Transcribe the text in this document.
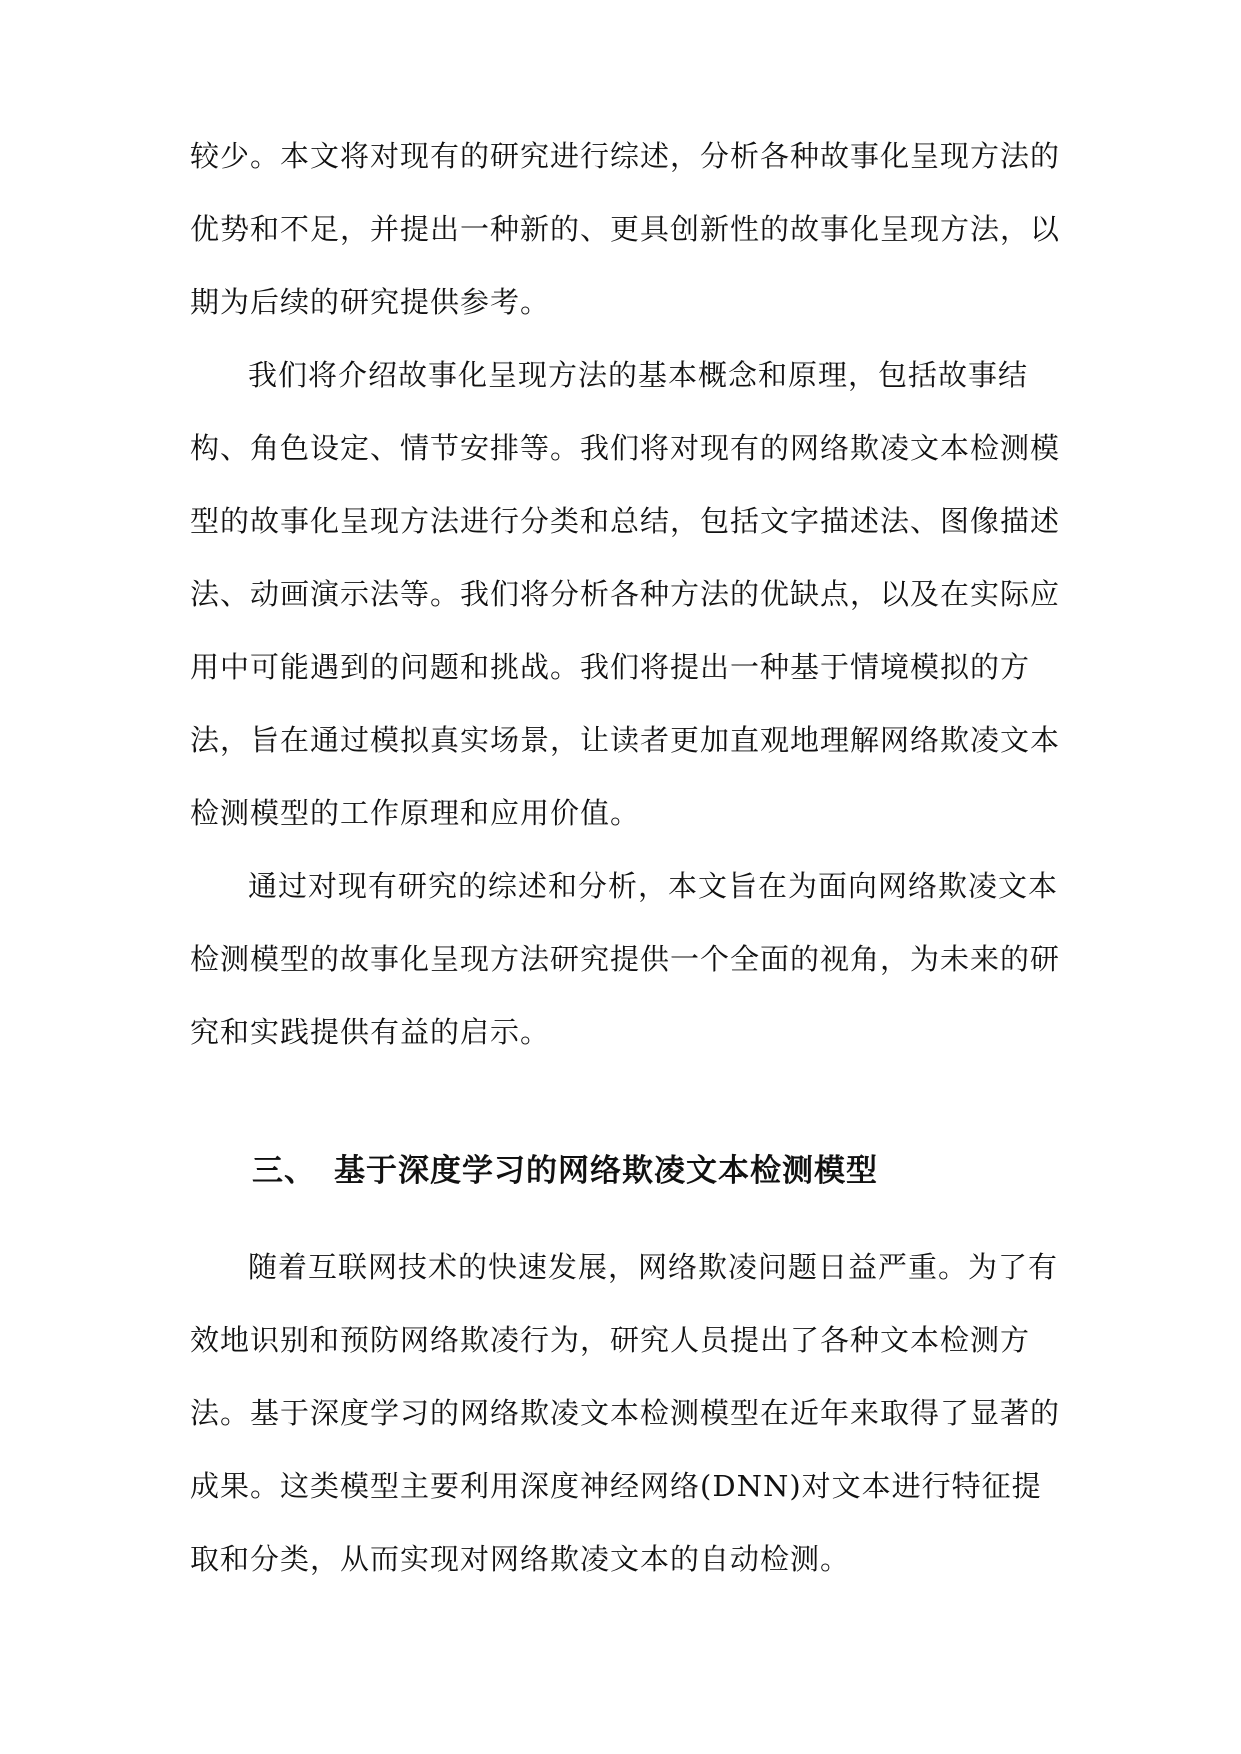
较少。本文将对现有的研究进行综述，分析各种故事化呈现方法的优势和不足，并提出一种新的、更具创新性的故事化呈现方法，以期为后续的研究提供参考。

我们将介绍故事化呈现方法的基本概念和原理，包括故事结构、角色设定、情节安排等。我们将对现有的网络欺凌文本检测模型的故事化呈现方法进行分类和总结，包括文字描述法、图像描述法、动画演示法等。我们将分析各种方法的优缺点，以及在实际应用中可能遇到的问题和挑战。我们将提出一种基于情境模拟的方法，旨在通过模拟真实场景，让读者更加直观地理解网络欺凌文本检测模型的工作原理和应用价值。

通过对现有研究的综述和分析，本文旨在为面向网络欺凌文本检测模型的故事化呈现方法研究提供一个全面的视角，为未来的研究和实践提供有益的启示。

三、 基于深度学习的网络欺凌文本检测模型

随着互联网技术的快速发展，网络欺凌问题日益严重。为了有效地识别和预防网络欺凌行为，研究人员提出了各种文本检测方法。基于深度学习的网络欺凌文本检测模型在近年来取得了显著的成果。这类模型主要利用深度神经网络(DNN)对文本进行特征提取和分类，从而实现对网络欺凌文本的自动检测。
